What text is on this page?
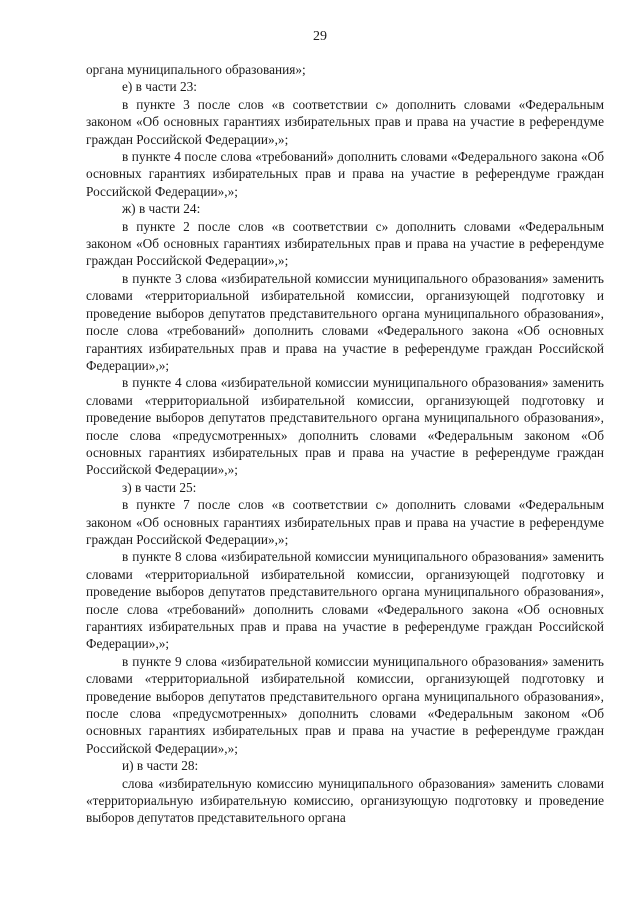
29

органа муниципального образования»;

е) в части 23:

в пункте 3 после слов «в соответствии с» дополнить словами «Федеральным законом «Об основных гарантиях избирательных прав и права на участие в референдуме граждан Российской Федерации»,»;

в пункте 4 после слова «требований» дополнить словами «Федерального закона «Об основных гарантиях избирательных прав и права на участие в референдуме граждан Российской Федерации»,»;

ж) в части 24:

в пункте 2 после слов «в соответствии с» дополнить словами «Федеральным законом «Об основных гарантиях избирательных прав и права на участие в референдуме граждан Российской Федерации»,»;

в пункте 3 слова «избирательной комиссии муниципального образования» заменить словами «территориальной избирательной комиссии, организующей подготовку и проведение выборов депутатов представительного органа муниципального образования», после слова «требований» дополнить словами «Федерального закона «Об основных гарантиях избирательных прав и права на участие в референдуме граждан Российской Федерации»,»;

в пункте 4 слова «избирательной комиссии муниципального образования» заменить словами «территориальной избирательной комиссии, организующей подготовку и проведение выборов депутатов представительного органа муниципального образования», после слова «предусмотренных» дополнить словами «Федеральным законом «Об основных гарантиях избирательных прав и права на участие в референдуме граждан Российской Федерации»,»;

з) в части 25:

в пункте 7 после слов «в соответствии с» дополнить словами «Федеральным законом «Об основных гарантиях избирательных прав и права на участие в референдуме граждан Российской Федерации»,»;

в пункте 8 слова «избирательной комиссии муниципального образования» заменить словами «территориальной избирательной комиссии, организующей подготовку и проведение выборов депутатов представительного органа муниципального образования», после слова «требований» дополнить словами «Федерального закона «Об основных гарантиях избирательных прав и права на участие в референдуме граждан Российской Федерации»,»;

в пункте 9 слова «избирательной комиссии муниципального образования» заменить словами «территориальной избирательной комиссии, организующей подготовку и проведение выборов депутатов представительного органа муниципального образования», после слова «предусмотренных» дополнить словами «Федеральным законом «Об основных гарантиях избирательных прав и права на участие в референдуме граждан Российской Федерации»,»;

и) в части 28:

слова «избирательную комиссию муниципального образования» заменить словами «территориальную избирательную комиссию, организующую подготовку и проведение выборов депутатов представительного органа
